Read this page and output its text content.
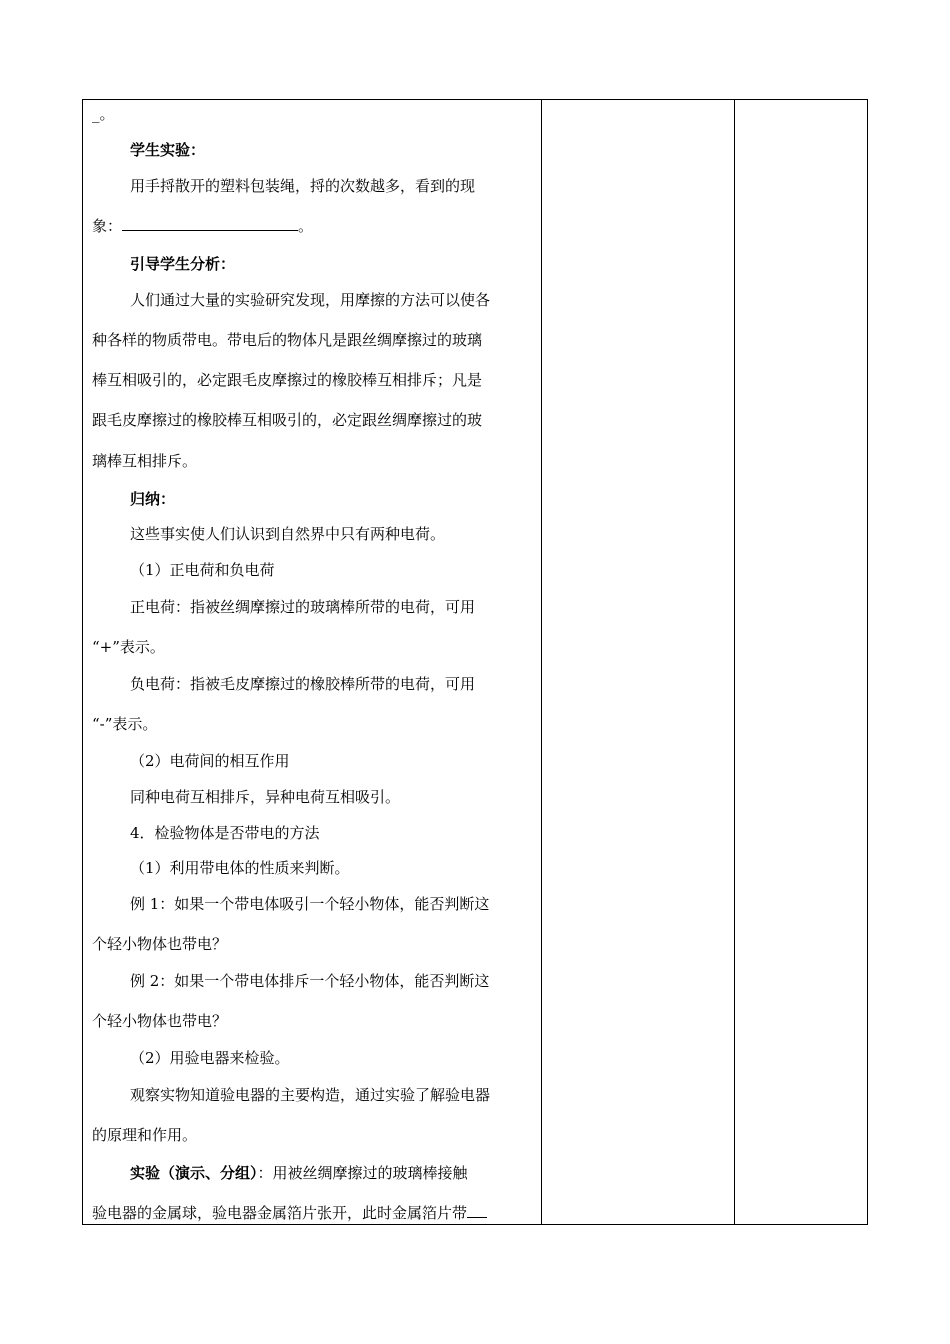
_。
学生实验：
用手捋散开的塑料包装绳，捋的次数越多，看到的现
象：	。
引导学生分析：
人们通过大量的实验研究发现，用摩擦的方法可以使各
种各样的物质带电。带电后的物体凡是跟丝绸摩擦过的玻璃
棒互相吸引的，必定跟毛皮摩擦过的橡胶棒互相排斥；凡是
跟毛皮摩擦过的橡胶棒互相吸引的，必定跟丝绸摩擦过的玻
璃棒互相排斥。
归纳：
这些事实使人们认识到自然界中只有两种电荷。
（1）正电荷和负电荷
正电荷：指被丝绸摩擦过的玻璃棒所带的电荷，可用
“+”表示。
负电荷：指被毛皮摩擦过的橡胶棒所带的电荷，可用
“-”表示。
（2）电荷间的相互作用
同种电荷互相排斥，异种电荷互相吸引。
4．检验物体是否带电的方法
（1）利用带电体的性质来判断。
例 1：如果一个带电体吸引一个轻小物体，能否判断这
个轻小物体也带电？
例 2：如果一个带电体排斥一个轻小物体，能否判断这
个轻小物体也带电？
（2）用验电器来检验。
观察实物知道验电器的主要构造，通过实验了解验电器
的原理和作用。
实验（演示、分组）：用被丝绸摩擦过的玻璃棒接触
验电器的金属球，验电器金属箔片张开，此时金属箔片带
